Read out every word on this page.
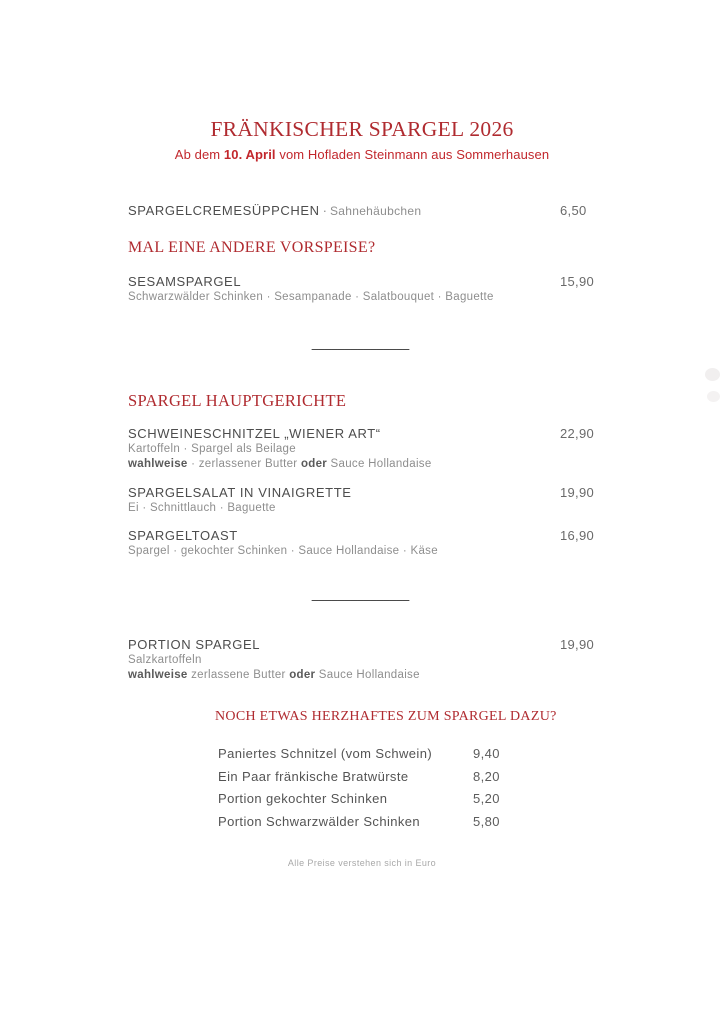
FRÄNKISCHER SPARGEL 2026
Ab dem 10. April vom Hofladen Steinmann aus Sommerhausen
SPARGELCREMESÜPPCHEN · Sahnehäubchen	6,50
MAL EINE ANDERE VORSPEISE?
SESAMSPARGEL	15,90
Schwarzwälder Schinken · Sesampanade · Salatbouquet · Baguette
_______________
SPARGEL HAUPTGERICHTE
SCHWEINESCHNITZEL „WIENER ART“	22,90
Kartoffeln · Spargel als Beilage
wahlweise · zerlassener Butter oder Sauce Hollandaise
SPARGELSALAT IN VINAIGRETTE	19,90
Ei · Schnittlauch · Baguette
SPARGELTOAST	16,90
Spargel · gekochter Schinken · Sauce Hollandaise · Käse
_______________
PORTION SPARGEL	19,90
Salzkartoffeln
wahlweise zerlassene Butter oder Sauce Hollandaise
NOCH ETWAS HERZHAFTES ZUM SPARGEL DAZU?
Paniertes Schnitzel (vom Schwein)	9,40
Ein Paar fränkische Bratwürste	8,20
Portion gekochter Schinken	5,20
Portion Schwarzwälder Schinken	5,80
Alle Preise verstehen sich in Euro
